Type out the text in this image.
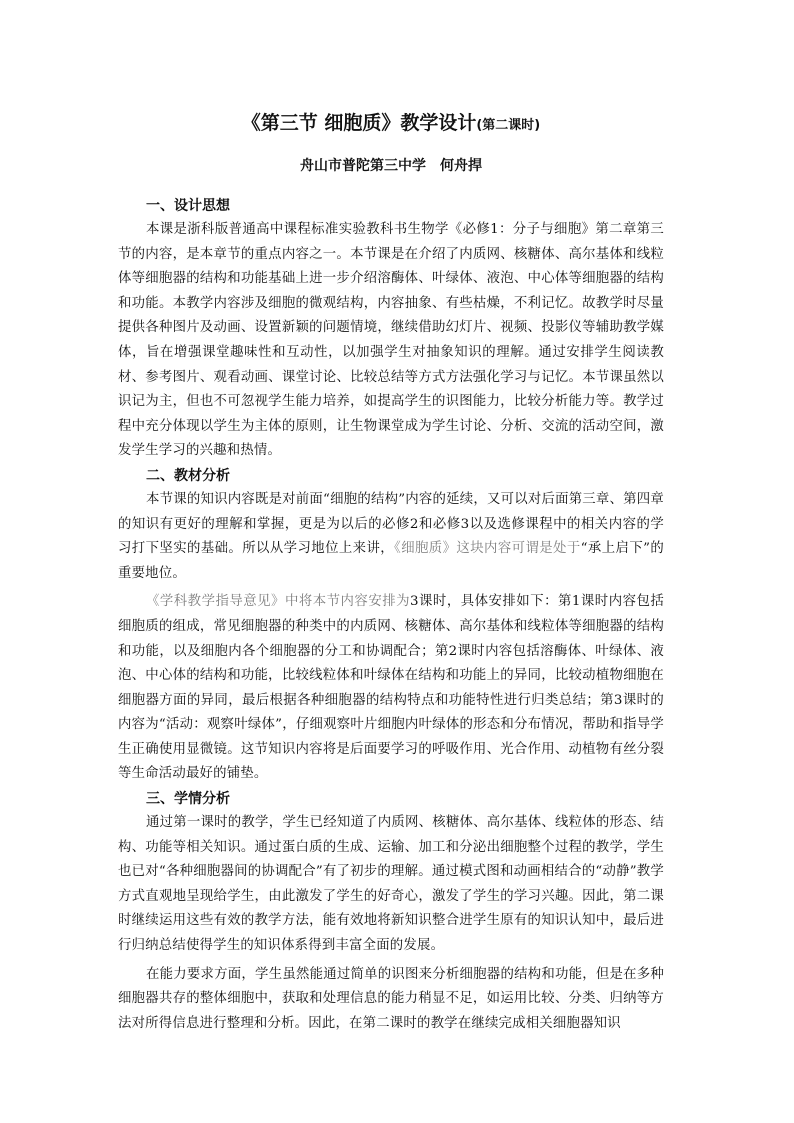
《第三节 细胞质》教学设计(第二课时)
舟山市普陀第三中学　何舟捍
一、设计思想

本课是浙科版普通高中课程标准实验教科书生物学《必修1：分子与细胞》第二章第三节的内容，是本章节的重点内容之一。本节课是在介绍了内质网、核糖体、高尔基体和线粒体等细胞器的结构和功能基础上进一步介绍溶酶体、叶绿体、液泡、中心体等细胞器的结构和功能。本教学内容涉及细胞的微观结构，内容抽象、有些枯燥，不利记忆。故教学时尽量提供各种图片及动画、设置新颖的问题情境，继续借助幻灯片、视频、投影仪等辅助教学媒体，旨在增强课堂趣味性和互动性，以加强学生对抽象知识的理解。通过安排学生阅读教材、参考图片、观看动画、课堂讨论、比较总结等方式方法强化学习与记忆。本节课虽然以识记为主，但也不可忽视学生能力培养，如提高学生的识图能力，比较分析能力等。教学过程中充分体现以学生为主体的原则，让生物课堂成为学生讨论、分析、交流的活动空间，激发学生学习的兴趣和热情。

二、教材分析

本节课的知识内容既是对前面“细胞的结构”内容的延续，又可以对后面第三章、第四章的知识有更好的理解和掌握，更是为以后的必修2和必修3以及选修课程中的相关内容的学习打下坚实的基础。所以从学习地位上来讲，《细胞质》这块内容可谓是处于“承上启下”的重要地位。

《学科教学指导意见》中将本节内容安排为3课时，具体安排如下：第1课时内容包括细胞质的组成，常见细胞器的种类中的内质网、核糖体、高尔基体和线粒体等细胞器的结构和功能，以及细胞内各个细胞器的分工和协调配合；第2课时内容包括溶酶体、叶绿体、液泡、中心体的结构和功能，比较线粒体和叶绿体在结构和功能上的异同，比较动植物细胞在细胞器方面的异同，最后根据各种细胞器的结构特点和功能特性进行归类总结；第3课时的内容为“活动：观察叶绿体”，仔细观察叶片细胞内叶绿体的形态和分布情况，帮助和指导学生正确使用显微镜。这节知识内容将是后面要学习的呼吸作用、光合作用、动植物有丝分裂等生命活动最好的铺垫。

三、学情分析

通过第一课时的教学，学生已经知道了内质网、核糖体、高尔基体、线粒体的形态、结构、功能等相关知识。通过蛋白质的生成、运输、加工和分泌出细胞整个过程的教学，学生也已对“各种细胞器间的协调配合”有了初步的理解。通过模式图和动画相结合的“动静”教学方式直观地呈现给学生，由此激发了学生的好奇心，激发了学生的学习兴趣。因此，第二课时继续运用这些有效的教学方法，能有效地将新知识整合进学生原有的知识认知中，最后进行归纳总结使得学生的知识体系得到丰富全面的发展。

在能力要求方面，学生虽然能通过简单的识图来分析细胞器的结构和功能，但是在多种细胞器共存的整体细胞中，获取和处理信息的能力稍显不足，如运用比较、分类、归纳等方法对所得信息进行整理和分析。因此，在第二课时的教学在继续完成相关细胞器知识
